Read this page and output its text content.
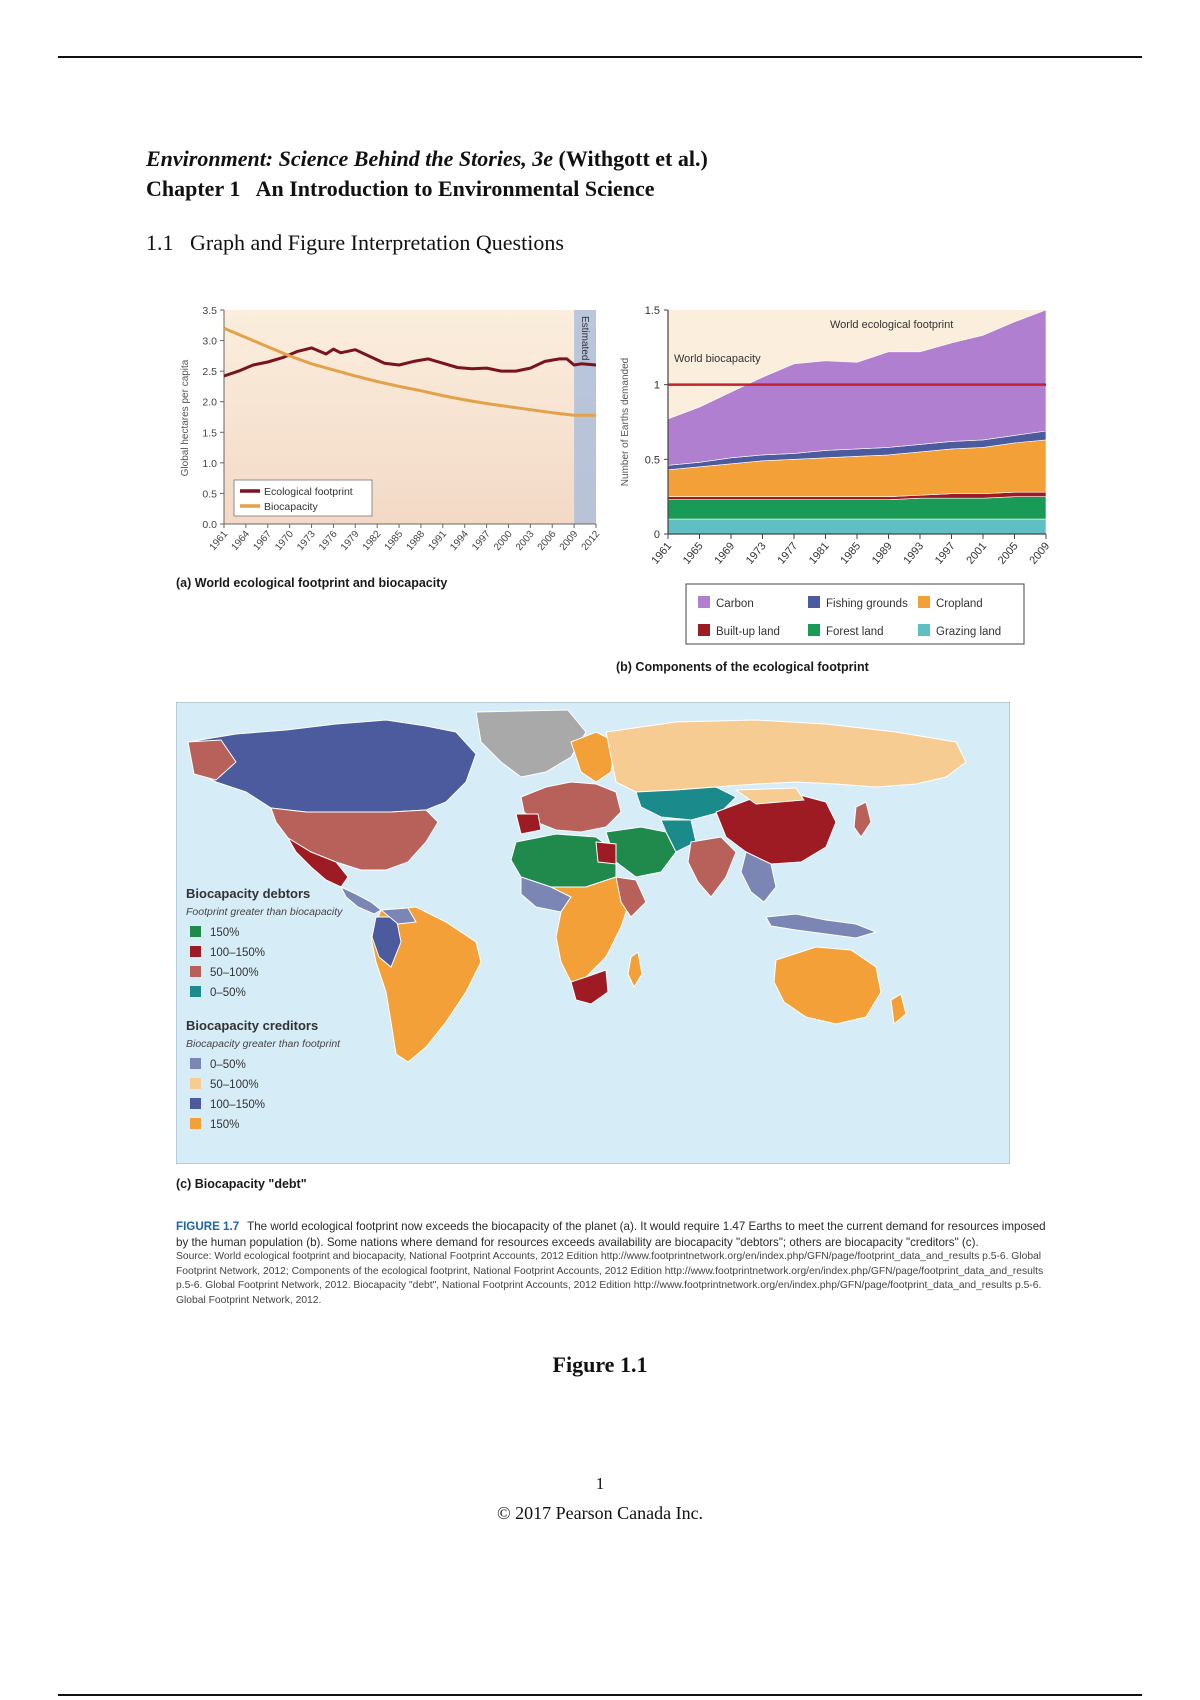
Environment: Science Behind the Stories, 3e (Withgott et al.)
Chapter 1   An Introduction to Environmental Science
1.1   Graph and Figure Interpretation Questions
0.0
0.5
1.0
1.5
2.0
2.5
3.0
3.5
1961 1964 1967 1970 1973 1976 1979 1982 1985 1988 1991 1994 1997 2000 2003 2006 2009 2012
Estimated
Global hectares per capita
Ecological footprint
Biocapacity
(a) World ecological footprint and biocapacity
0
0.5
1
1.5
1961 1965 1969 1973 1977 1981 1985 1989 1993 1997 2001 2005 2009
World ecological footprint
World biocapacity
Number of Earths demanded
Carbon	Fishing grounds Cropland
Built-up land	Forest land	Grazing land
(b) Components of the ecological footprint
Biocapacity debtors
Footprint greater than biocapacity
Biocapacity creditors
Biocapacity greater than footprint
150%
100–150%
50–100%
0–50%
0–50%
50–100%
100–150%
150%
(c) Biocapacity "debt"
FIGURE 1.7 The world ecological footprint now exceeds the biocapacity of the planet (a). It would require 1.47 Earths to meet the current demand for resources imposed by the human population (b). Some nations where demand for resources exceeds availability are biocapacity "debtors"; others are biocapacity "creditors" (c).
Source: World ecological footprint and biocapacity, National Footprint Accounts, 2012 Edition http://www.footprintnetwork.org/en/index.php/GFN/page/footprint_data_and_results p.5-6. Global Footprint Network, 2012; Components of the ecological footprint, National Footprint Accounts, 2012 Edition http://www.footprintnetwork.org/en/index.php/GFN/page/footprint_data_and_results p.5-6. Global Footprint Network, 2012. Biocapacity "debt", National Footprint Accounts, 2012 Edition http://www.footprintnetwork.org/en/index.php/GFN/page/footprint_data_and_results p.5-6. Global Footprint Network, 2012.
Figure 1.1
1
© 2017 Pearson Canada Inc.
